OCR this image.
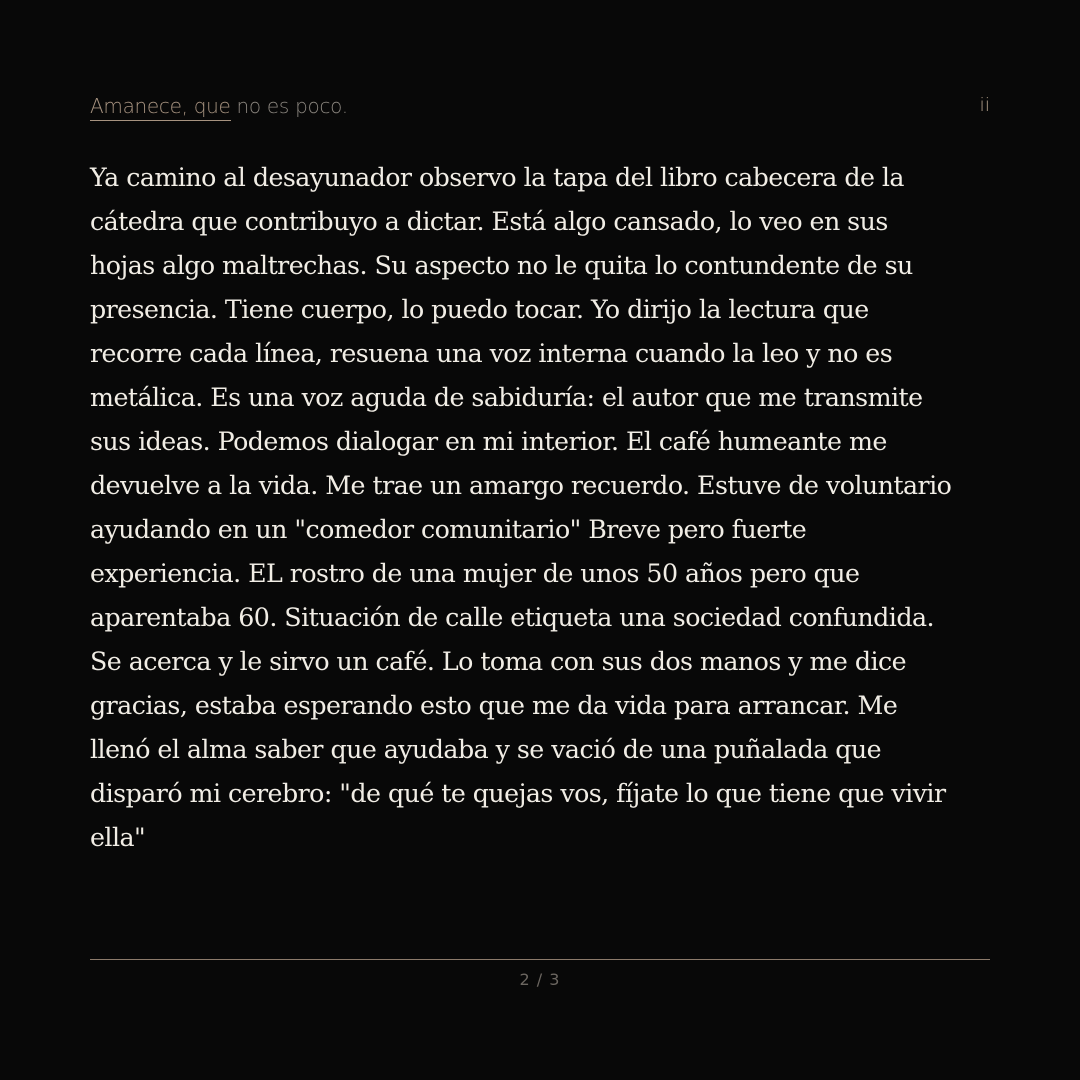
Amanece, que no es poco.	ii

Ya camino al desayunador observo la tapa del libro cabecera de la
cátedra que contribuyo a dictar. Está algo cansado, lo veo en sus
hojas algo maltrechas. Su aspecto no le quita lo contundente de su
presencia. Tiene cuerpo, lo puedo tocar. Yo dirijo la lectura que
recorre cada línea, resuena una voz interna cuando la leo y no es
metálica. Es una voz aguda de sabiduría: el autor que me transmite
sus ideas. Podemos dialogar en mi interior. El café humeante me
devuelve a la vida. Me trae un amargo recuerdo. Estuve de voluntario
ayudando en un "comedor comunitario" Breve pero fuerte
experiencia. EL rostro de una mujer de unos 50 años pero que
aparentaba 60. Situación de calle etiqueta una sociedad confundida.
Se acerca y le sirvo un café. Lo toma con sus dos manos y me dice
gracias, estaba esperando esto que me da vida para arrancar. Me
llenó el alma saber que ayudaba y se vació de una puñalada que
disparó mi cerebro: "de qué te quejas vos, fíjate lo que tiene que vivir
ella"

2 / 3
